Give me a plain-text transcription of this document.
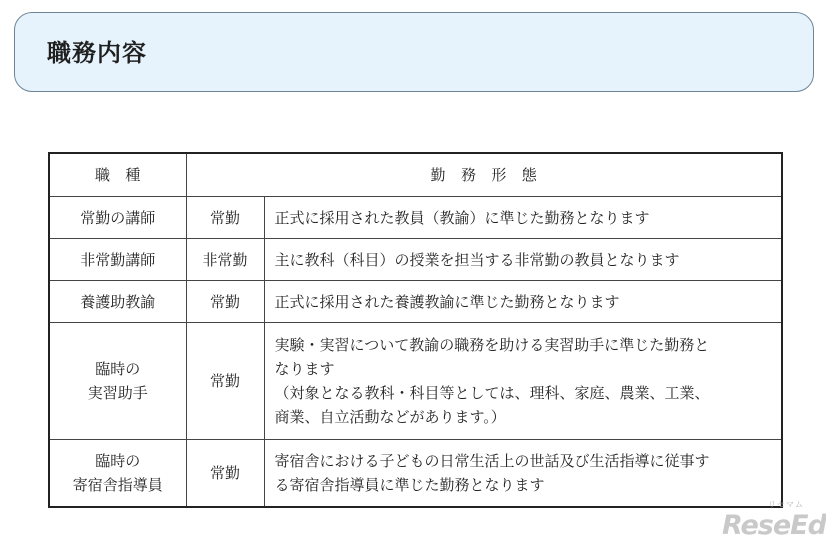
職務内容
職　種	勤　務　形　態	

常勤の講師	常勤	正式に採用された教員（教諭）に準じた勤務となります

非常勤講師	非常勤	主に教科（科目）の授業を担当する非常勤の教員となります

養護助教諭	常勤	正式に採用された養護教諭に準じた勤務となります

臨時の
実習助手	常勤	実験・実習について教諭の職務を助ける実習助手に準じた勤務と
なります
（対象となる教科・科目等としては、理科、家庭、農業、工業、
商業、自立活動などがあります。）

臨時の
寄宿舎指導員	常勤	寄宿舎における子どもの日常生活上の世話及び生活指導に従事す
る寄宿舎指導員に準じた勤務となります
リセマム
ReseEd
